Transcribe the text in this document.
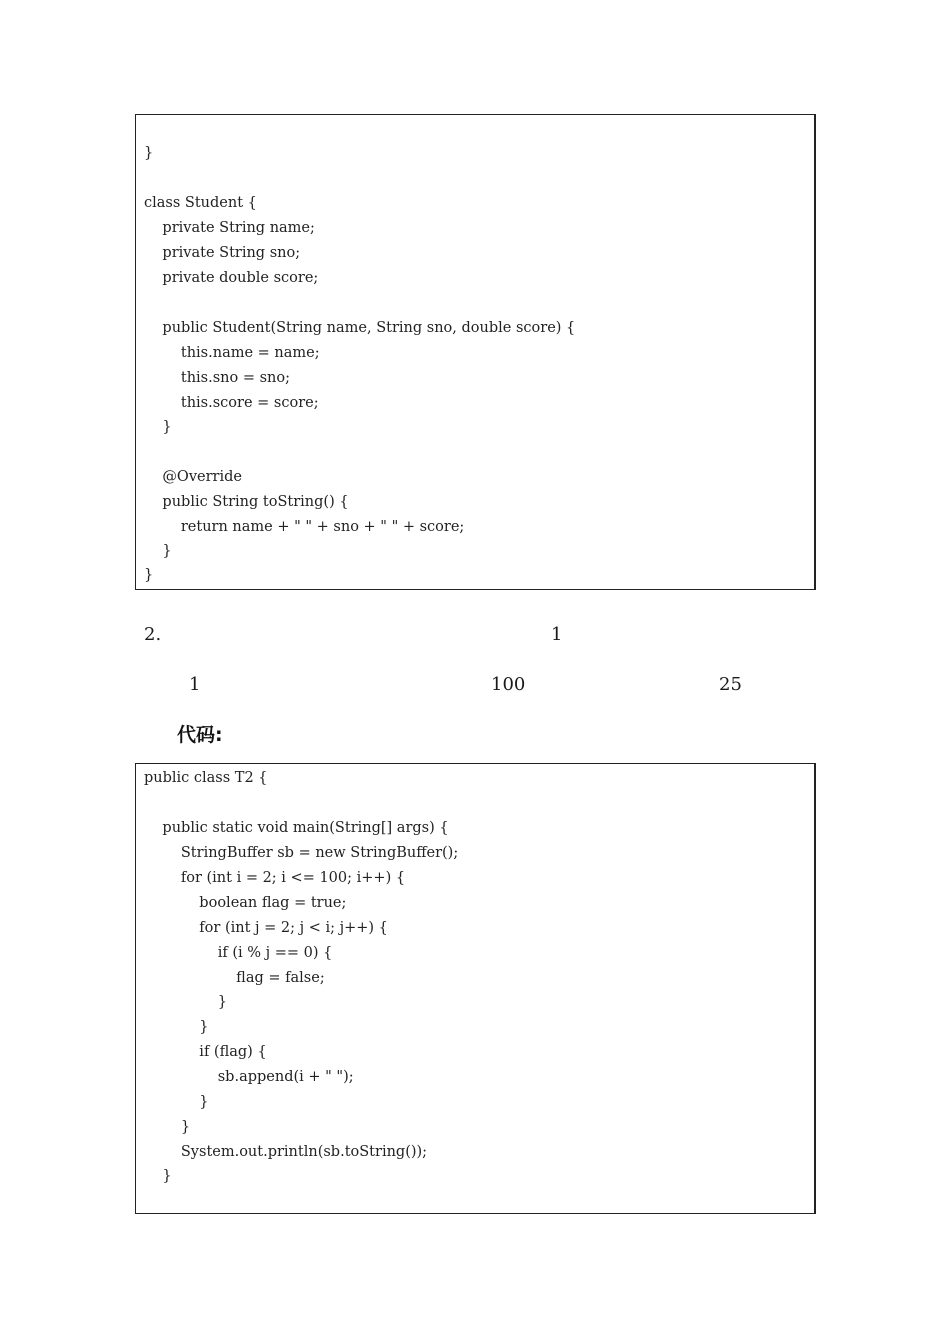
}
class Student {
private String name;
private String sno;
private double score;
public Student(String name, String sno, double score) {
this.name = name;
this.sno = sno;
this.score = score;
}
@Override
public String toString() {
return name + " " + sno + " " + score;
}
}

2.

	1

1

	100

	25

代码:
public class T2 {
public static void main(String[] args) {
StringBuffer sb = new StringBuffer();
for (int i = 2; i <= 100; i++) {
boolean flag = true;
for (int j = 2; j < i; j++) {
if (i % j == 0) {
flag = false;
}
}
if (flag) {
sb.append(i + " ");
}
}
System.out.println(sb.toString());
}
